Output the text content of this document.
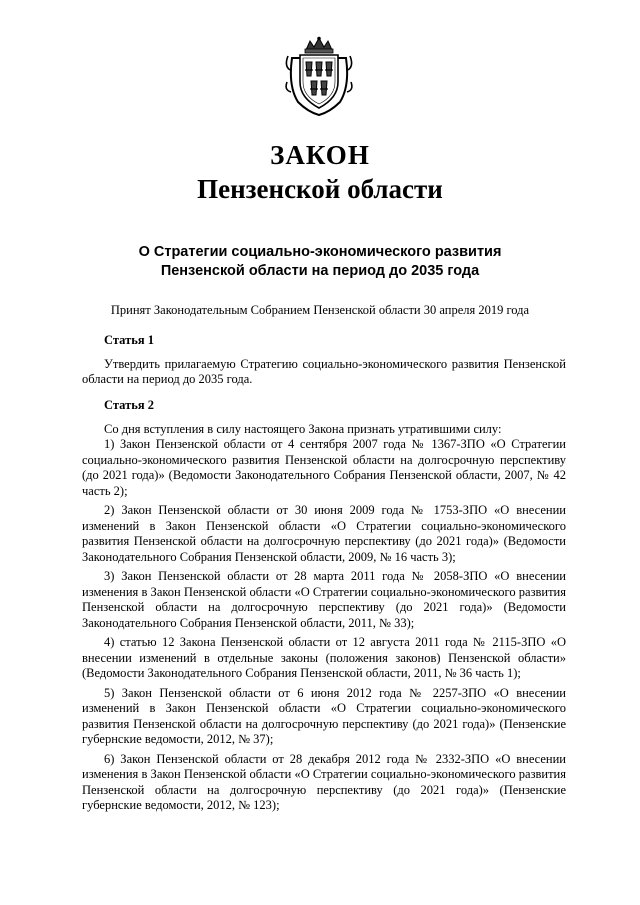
ЗАКОН
Пензенской области
О Стратегии социально-экономического развития
Пензенской области на период до 2035 года
Принят Законодательным Собранием Пензенской области 30 апреля 2019 года

Статья 1

Утвердить прилагаемую Стратегию социально-экономического развития Пензенской области на период до 2035 года.

Статья 2

Со дня вступления в силу настоящего Закона признать утратившими силу:

1) Закон Пензенской области от 4 сентября 2007 года № 1367-ЗПО «О Стратегии социально-экономического развития Пензенской области на долгосрочную перспективу (до 2021 года)» (Ведомости Законодательного Собрания Пензенской области, 2007, № 42 часть 2);

2) Закон Пензенской области от 30 июня 2009 года № 1753-ЗПО «О внесении изменений в Закон Пензенской области «О Стратегии социально-экономического развития Пензенской области на долгосрочную перспективу (до 2021 года)» (Ведомости Законодательного Собрания Пензенской области, 2009, № 16 часть 3);

3) Закон Пензенской области от 28 марта 2011 года № 2058-ЗПО «О внесении изменения в Закон Пензенской области «О Стратегии социально-экономического развития Пензенской области на долгосрочную перспективу (до 2021 года)» (Ведомости Законодательного Собрания Пензенской области, 2011, № 33);

4) статью 12 Закона Пензенской области от 12 августа 2011 года № 2115-ЗПО «О внесении изменений в отдельные законы (положения законов) Пензенской области» (Ведомости Законодательного Собрания Пензенской области, 2011, № 36 часть 1);

5) Закон Пензенской области от 6 июня 2012 года № 2257-ЗПО «О внесении изменений в Закон Пензенской области «О Стратегии социально-экономического развития Пензенской области на долгосрочную перспективу (до 2021 года)» (Пензенские губернские ведомости, 2012, № 37);

6) Закон Пензенской области от 28 декабря 2012 года № 2332-ЗПО «О внесении изменения в Закон Пензенской области «О Стратегии социально-экономического развития Пензенской области на долгосрочную перспективу (до 2021 года)» (Пензенские губернские ведомости, 2012, № 123);
